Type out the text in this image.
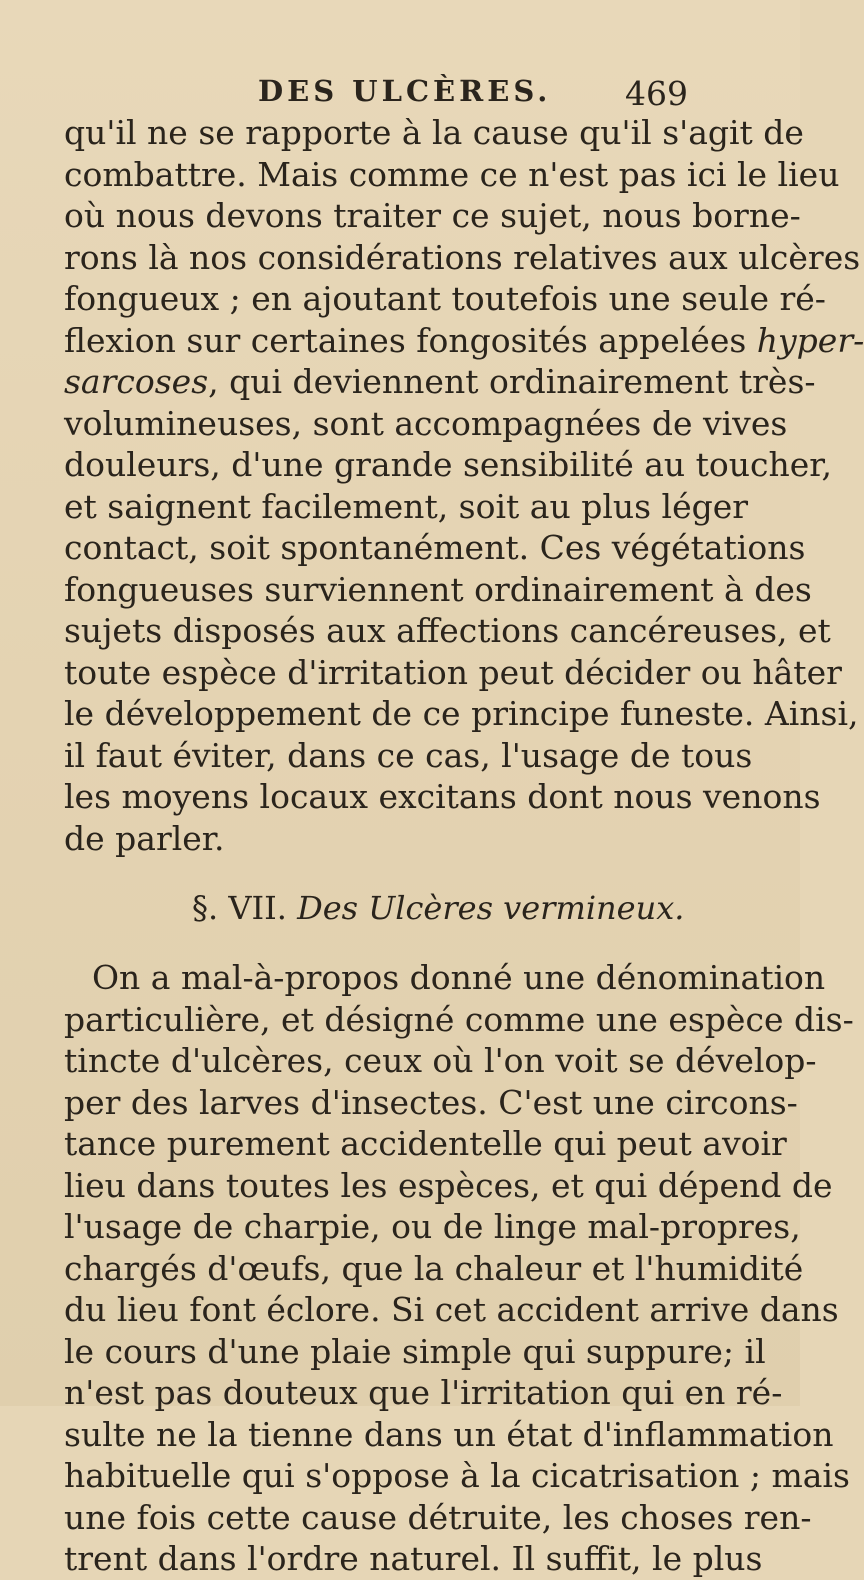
DES ULCÈRES. 469
qu'il ne se rapporte à la cause qu'il s'agit de
combattre. Mais comme ce n'est pas ici le lieu
où nous devons traiter ce sujet, nous borne-
rons là nos considérations relatives aux ulcères
fongueux ; en ajoutant toutefois une seule ré-
flexion sur certaines fongosités appelées hyper-
sarcoses, qui deviennent ordinairement très-
volumineuses, sont accompagnées de vives
douleurs, d'une grande sensibilité au toucher,
et saignent facilement, soit au plus léger
contact, soit spontanément. Ces végétations
fongueuses surviennent ordinairement à des
sujets disposés aux affections cancéreuses, et
toute espèce d'irritation peut décider ou hâter
le développement de ce principe funeste. Ainsi,
il faut éviter, dans ce cas, l'usage de tous
les moyens locaux excitans dont nous venons
de parler.
§. VII. Des Ulcères vermineux.
On a mal-à-propos donné une dénomination
particulière, et désigné comme une espèce dis-
tincte d'ulcères, ceux où l'on voit se dévelop-
per des larves d'insectes. C'est une circons-
tance purement accidentelle qui peut avoir
lieu dans toutes les espèces, et qui dépend de
l'usage de charpie, ou de linge mal-propres,
chargés d'œufs, que la chaleur et l'humidité
du lieu font éclore. Si cet accident arrive dans
le cours d'une plaie simple qui suppure; il
n'est pas douteux que l'irritation qui en ré-
sulte ne la tienne dans un état d'inflammation
habituelle qui s'oppose à la cicatrisation ; mais
une fois cette cause détruite, les choses ren-
trent dans l'ordre naturel. Il suffit, le plus
